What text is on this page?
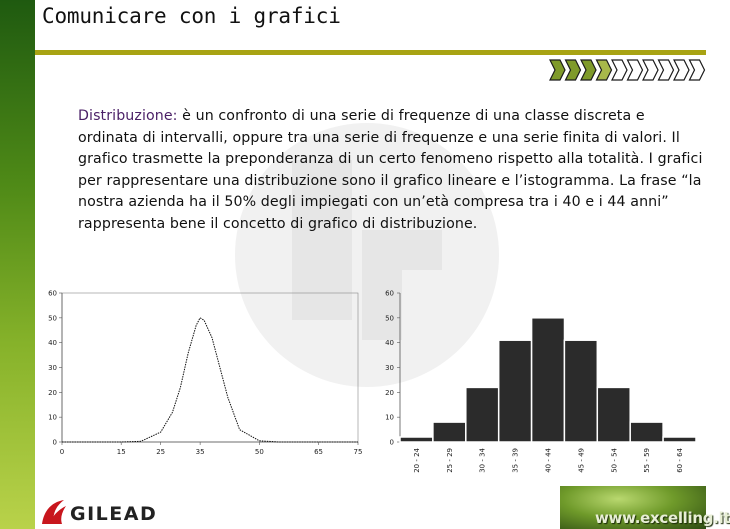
Comunicare con i grafici
Distribuzione: è un confronto di una serie di frequenze di una classe discreta e ordinata di intervalli, oppure tra una serie di frequenze e una serie finita di valori. Il grafico trasmette la preponderanza di un certo fenomeno rispetto alla totalità. I grafici per rappresentare una distribuzione sono il grafico lineare e l’istogramma. La frase “la nostra azienda ha il 50% degli impiegati con un’età compresa tra i 40 e i 44 anni” rappresenta bene il concetto di grafico di distribuzione.
0
10
20
30
40
50
60
0	15	25	35	50	65	75
0
10
20
30
40
50
60
20 - 24	25 - 29	30 - 34	35 - 39	40 - 44	45 - 49	50 - 54	55 - 59	60 - 64
GILEAD	www.excelling.it
